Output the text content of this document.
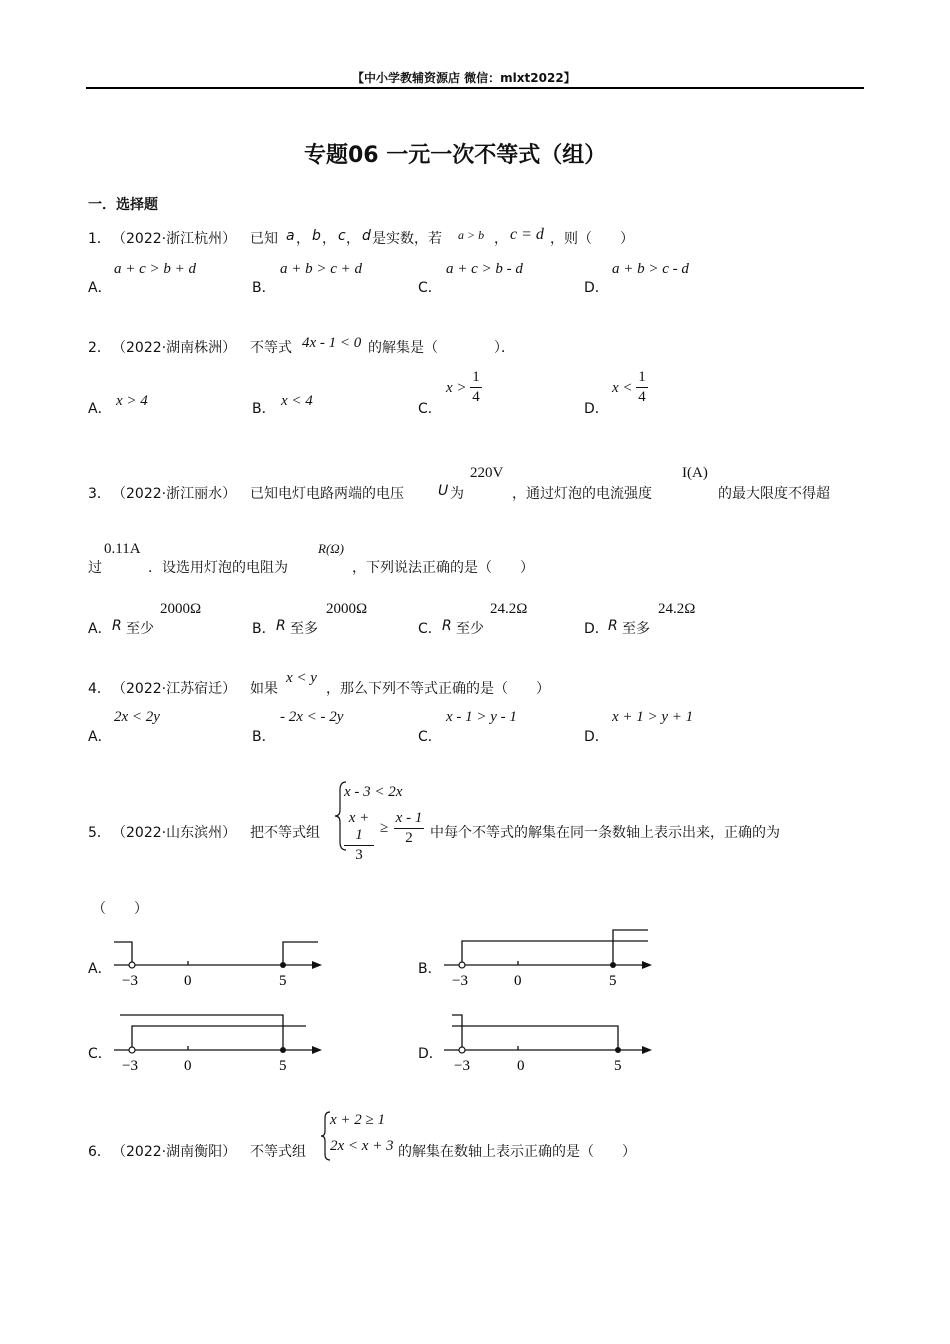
【中小学教辅资源店 微信：mlxt2022】
专题06 一元一次不等式（组）
一．选择题
1． （2022·浙江杭州） 已知 a ， b ， c ， d 是实数，若 a > b ， c = d ，则（　　）
A．
a + c > b + d
B．
a + b > c + d
C．
a + c > b - d
D．
a + b > c - d
2． （2022·湖南株洲） 不等式 4x - 1 < 0 的解集是（　　　　）．
A． x > 4	B． x < 4	C．
x >
1
4
D．
x <
1
4
3． （2022·浙江丽水） 已知电灯电路两端的电压 U 为
220V
，通过灯泡的电流强度
I(A)
的最大限度不得超
过
0.11A
．设选用灯泡的电阻为
R(Ω)
，下列说法正确的是（　　）
A． R 至少
2000Ω
B． R 至多
2000Ω
C． R 至少
24.2Ω
D． R 至多
24.2Ω
4． （2022·江苏宿迁） 如果
x < y
，那么下列不等式正确的是（　　）
A．
2x < 2y
B．
- 2x < - 2y
C．
x - 1 > y - 1
D．
x + 1 > y + 1
5． （2022·山东滨州） 把不等式组
x - 3 < 2x
x + 1
3
≥
x - 1
2	中每个不等式的解集在同一条数轴上表示出来，正确的为
（　　）
A．
−3	0	5
B．
−3	0	5
C．
−3	0	5
D．
−3	0	5
6． （2022·湖南衡阳） 不等式组
x + 2 ≥ 1
2x < x + 3 的解集在数轴上表示正确的是（　　）
